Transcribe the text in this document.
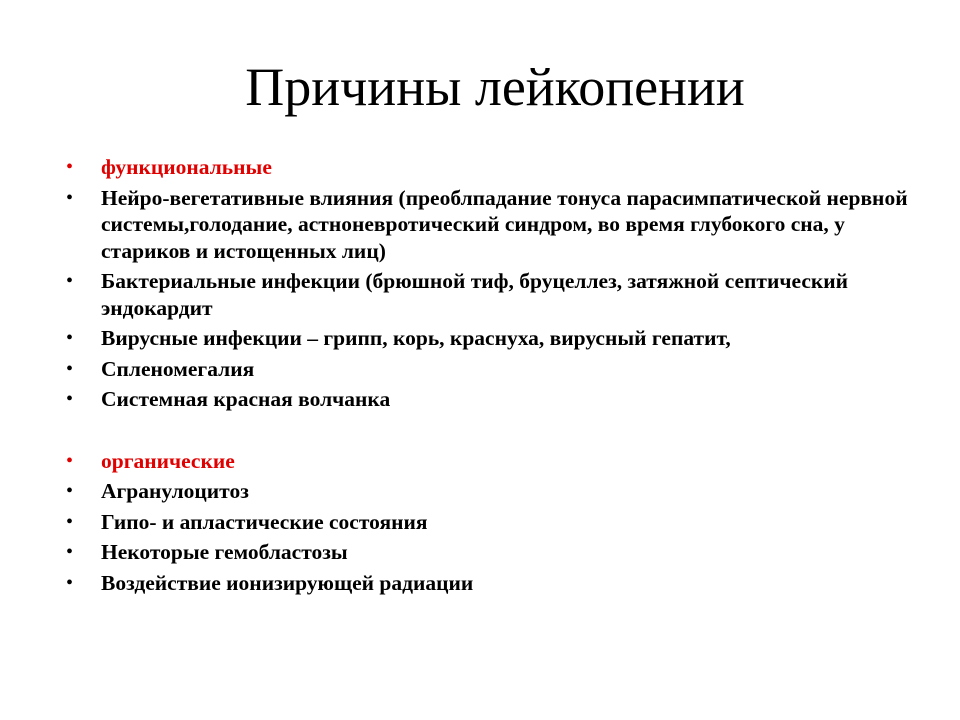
Причины лейкопении
• функциональные
• Нейро-вегетативные влияния (преоблпадание тонуса парасимпатической нервной системы,голодание, астноневротический синдром, во время глубокого сна, у стариков и истощенных лиц)
• Бактериальные инфекции (брюшной тиф, бруцеллез, затяжной септический эндокардит
• Вирусные инфекции – грипп, корь, краснуха, вирусный гепатит,
• Спленомегалия
• Системная красная волчанка
• органические
• Агранулоцитоз
• Гипо- и апластические состояния
• Некоторые гемобластозы
• Воздействие ионизирующей радиации
